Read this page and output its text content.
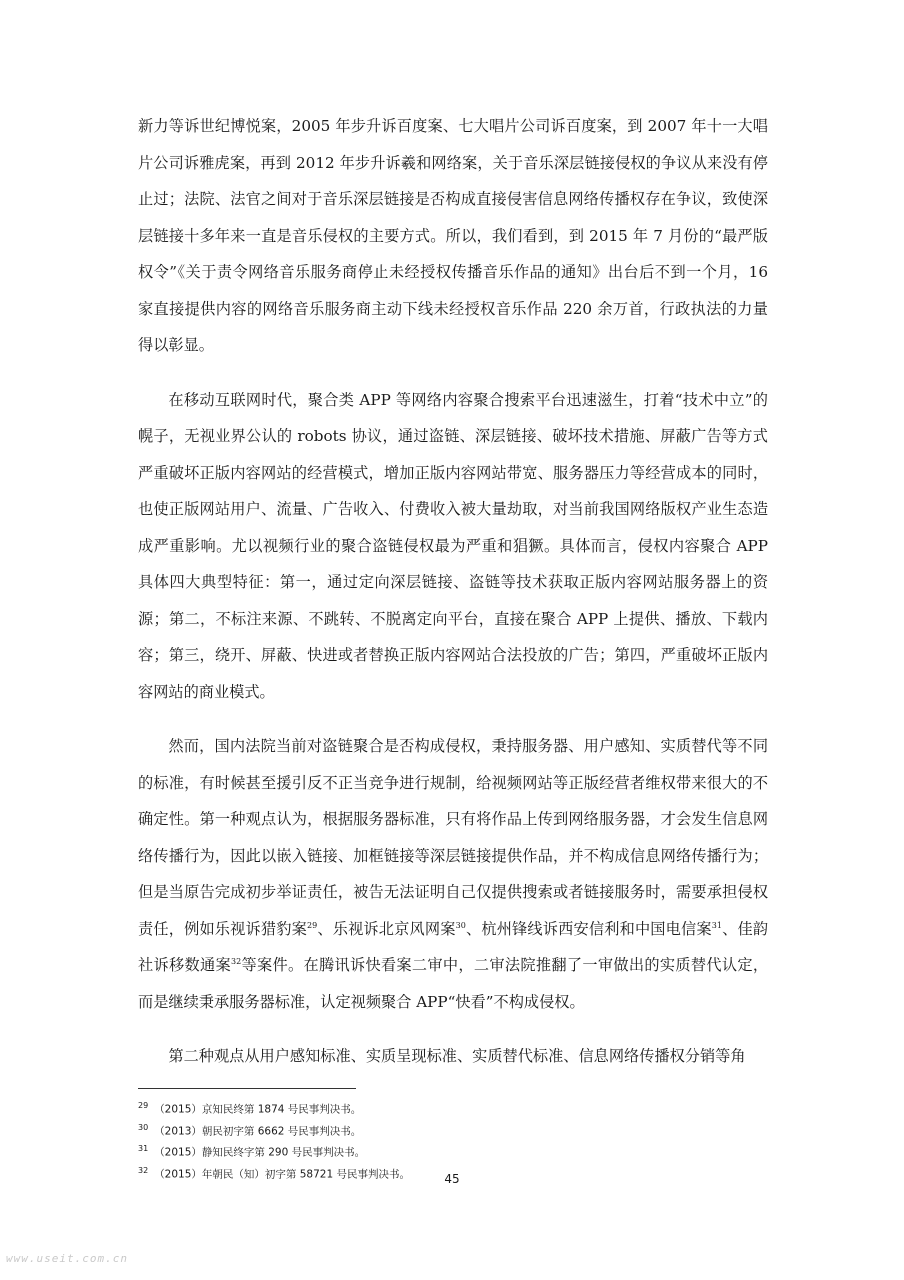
新力等诉世纪博悦案，2005 年步升诉百度案、七大唱片公司诉百度案，到 2007 年十一大唱片公司诉雅虎案，再到 2012 年步升诉羲和网络案，关于音乐深层链接侵权的争议从来没有停止过；法院、法官之间对于音乐深层链接是否构成直接侵害信息网络传播权存在争议，致使深层链接十多年来一直是音乐侵权的主要方式。所以，我们看到，到 2015 年 7 月份的“最严版权令”《关于责令网络音乐服务商停止未经授权传播音乐作品的通知》出台后不到一个月，16 家直接提供内容的网络音乐服务商主动下线未经授权音乐作品 220 余万首，行政执法的力量得以彰显。

在移动互联网时代，聚合类 APP 等网络内容聚合搜索平台迅速滋生，打着“技术中立”的幌子，无视业界公认的 robots 协议，通过盗链、深层链接、破坏技术措施、屏蔽广告等方式严重破坏正版内容网站的经营模式，增加正版内容网站带宽、服务器压力等经营成本的同时，也使正版网站用户、流量、广告收入、付费收入被大量劫取，对当前我国网络版权产业生态造成严重影响。尤以视频行业的聚合盗链侵权最为严重和猖獗。具体而言，侵权内容聚合 APP 具体四大典型特征：第一，通过定向深层链接、盗链等技术获取正版内容网站服务器上的资源；第二，不标注来源、不跳转、不脱离定向平台，直接在聚合 APP 上提供、播放、下载内容；第三，绕开、屏蔽、快进或者替换正版内容网站合法投放的广告；第四，严重破坏正版内容网站的商业模式。

然而，国内法院当前对盗链聚合是否构成侵权，秉持服务器、用户感知、实质替代等不同的标准，有时候甚至援引反不正当竞争进行规制，给视频网站等正版经营者维权带来很大的不确定性。第一种观点认为，根据服务器标准，只有将作品上传到网络服务器，才会发生信息网络传播行为，因此以嵌入链接、加框链接等深层链接提供作品，并不构成信息网络传播行为；但是当原告完成初步举证责任，被告无法证明自己仅提供搜索或者链接服务时，需要承担侵权责任，例如乐视诉猎豹案$^{29}$、乐视诉北京风网案$^{30}$、杭州锋线诉西安信利和中国电信案$^{31}$、佳韵社诉移数通案$^{32}$等案件。在腾讯诉快看案二审中，二审法院推翻了一审做出的实质替代认定，而是继续秉承服务器标准，认定视频聚合 APP“快看”不构成侵权。

第二种观点从用户感知标准、实质呈现标准、实质替代标准、信息网络传播权分销等角

$^{29}$ （2015）京知民终第 1874 号民事判决书。
$^{30}$ （2013）朝民初字第 6662 号民事判决书。
$^{31}$ （2015）静知民终字第 290 号民事判决书。
$^{32}$ （2015）年朝民（知）初字第 58721 号民事判决书。	45
www.useit.com.cn
